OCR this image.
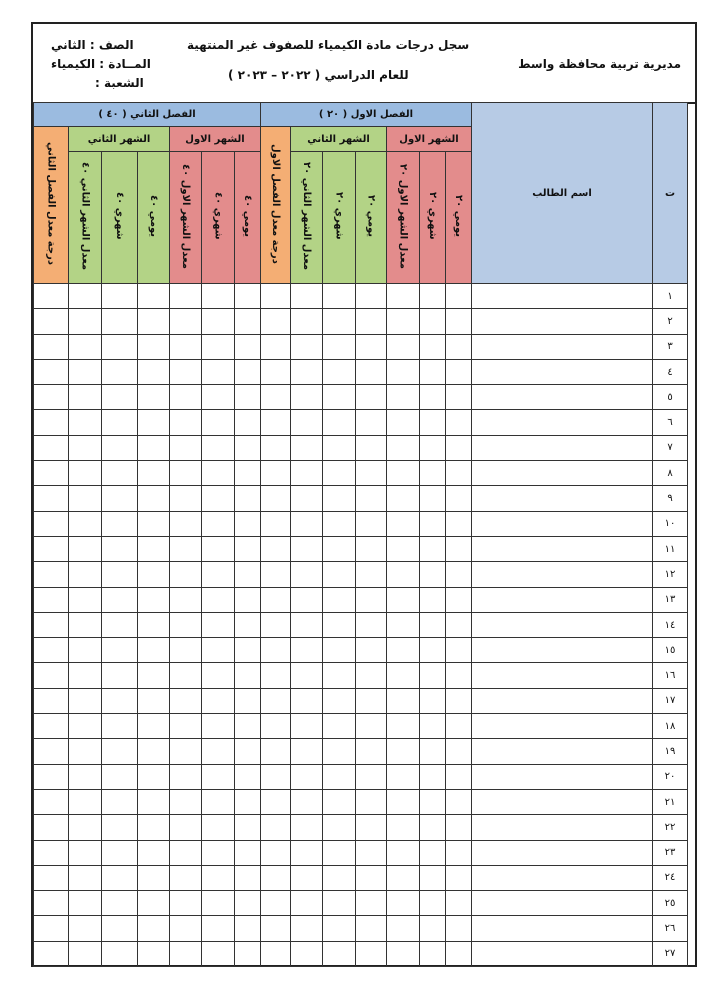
مديرية تربية محافظة واسط
سجل درجات مادة الكيمياء للصفوف غير المنتهية
للعام الدراسي ( ٢٠٢٢ – ٢٠٢٣ )
الصف : الثاني
المــادة : الكيمياء
الشعبة :
ت	اسم الطالب	الفصل الاول ( ٢٠ )							الفصل الثاني ( ٤٠ )						
		الشهر الاول			الشهر الثاني			درجة معدل الفصل الاول	الشهر الاول			الشهر الثاني			درجة معدل الفصل الثاني
		يومي ٢٠	شهري ٢٠	معدل الشهر الاول ٢٠	يومي ٢٠	شهري ٢٠	معدل الشهر الثاني ٢٠		يومي ٤٠	شهري ٤٠	معدل الشهر الاول ٤٠	يومي ٤٠	شهري ٤٠	معدل الشهر الثاني ٤٠	
١															
٢															
٣															
٤															
٥															
٦															
٧															
٨															
٩															
١٠															
١١															
١٢															
١٣															
١٤															
١٥															
١٦															
١٧															
١٨															
١٩															
٢٠															
٢١															
٢٢															
٢٣															
٢٤															
٢٥															
٢٦															
٢٧															
